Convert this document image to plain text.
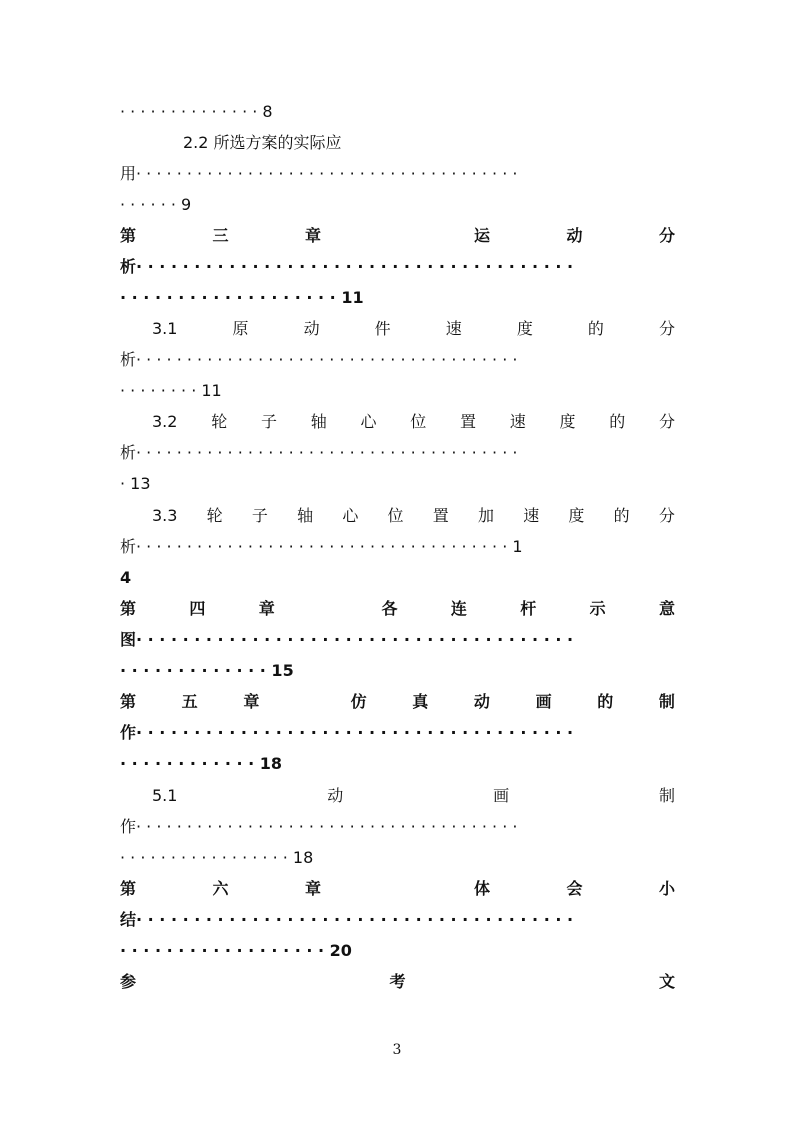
· · · · · · · · · · · · · · 8
2.2 所选方案的实际应
用· · · · · · · · · · · · · · · · · · · · · · · · · · · · · · · · · · · · · ·
· · · · · · 9
第	三	章	运	动	分
析· · · · · · · · · · · · · · · · · · · · · · · · · · · · · · · · · · · · · ·
· · · · · · · · · · · · · · · · · · · 11
3.1	原	动	件	速	度	的	分
析· · · · · · · · · · · · · · · · · · · · · · · · · · · · · · · · · · · · · ·
· · · · · · · · 11
3.2 轮 子 轴 心 位 置 速 度 的 分
析· · · · · · · · · · · · · · · · · · · · · · · · · · · · · · · · · · · · · ·
· 13
3.3 轮 子 轴 心 位 置 加 速 度 的 分
析· · · · · · · · · · · · · · · · · · · · · · · · · · · · · · · · · · · · · 1
4
第	四	章	各	连	杆	示	意
图· · · · · · · · · · · · · · · · · · · · · · · · · · · · · · · · · · · · · ·
· · · · · · · · · · · · · 15
第	五	章	仿	真	动	画	的	制
作· · · · · · · · · · · · · · · · · · · · · · · · · · · · · · · · · · · · · ·
· · · · · · · · · · · · 18
5.1	动	画	制
作· · · · · · · · · · · · · · · · · · · · · · · · · · · · · · · · · · · · · ·
· · · · · · · · · · · · · · · · · 18
第	六	章	体	会	小
结· · · · · · · · · · · · · · · · · · · · · · · · · · · · · · · · · · · · · ·
· · · · · · · · · · · · · · · · · · 20
参	考	文
3
